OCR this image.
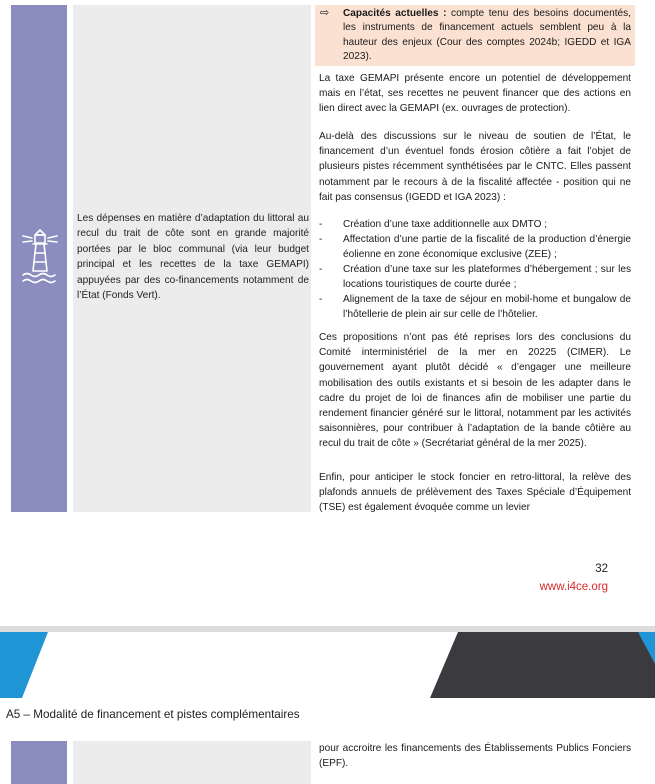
Les dépenses en matière d’adaptation du littoral au recul du trait de côte sont en grande majorité portées par le bloc communal (via leur budget principal et les recettes de la taxe GEMAPI) appuyées par des co-financements notamment de l’État (Fonds Vert).
⇨ Capacités actuelles : compte tenu des besoins documentés, les instruments de financement actuels semblent peu à la hauteur des enjeux (Cour des comptes 2024b; IGEDD et IGA 2023).

La taxe GEMAPI présente encore un potentiel de développement mais en l’état, ses recettes ne peuvent financer que des actions en lien direct avec la GEMAPI (ex. ouvrages de protection).

Au-delà des discussions sur le niveau de soutien de l’État, le financement d’un éventuel fonds érosion côtière a fait l’objet de plusieurs pistes récemment synthétisées par le CNTC. Elles passent notamment par le recours à de la fiscalité affectée - position qui ne fait pas consensus (IGEDD et IGA 2023) :

- Création d’une taxe additionnelle aux DMTO ;
- Affectation d’une partie de la fiscalité de la production d’énergie éolienne en zone économique exclusive (ZEE) ;
- Création d’une taxe sur les plateformes d’hébergement ; sur les locations touristiques de courte durée ;
- Alignement de la taxe de séjour en mobil-home et bungalow de l’hôtellerie de plein air sur celle de l’hôtelier.

Ces propositions n’ont pas été reprises lors des conclusions du Comité interministériel de la mer en 20225 (CIMER). Le gouvernement ayant plutôt décidé « d’engager une meilleure mobilisation des outils existants et si besoin de les adapter dans le cadre du projet de loi de finances afin de mobiliser une partie du rendement financier généré sur le littoral, notamment par les activités saisonnières, pour contribuer à l’adaptation de la bande côtière au recul du trait de côte » (Secrétariat général de la mer 2025).

Enfin, pour anticiper le stock foncier en retro-littoral, la relève des plafonds annuels de prélèvement des Taxes Spéciale d’Équipement (TSE) est également évoquée comme un levier

32
www.i4ce.org
A5 – Modalité de financement et pistes complémentaires

pour accroitre les financements des Établissements Publics Fonciers (EPF).
